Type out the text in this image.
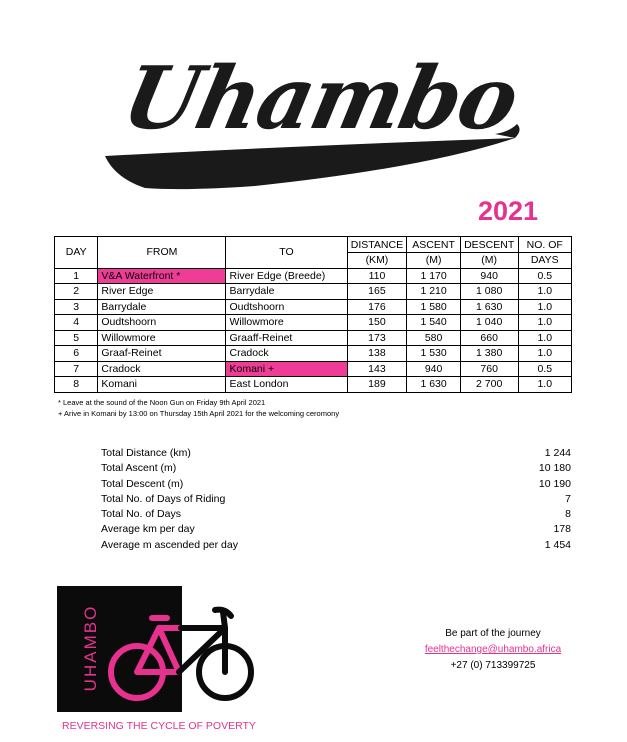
Uhambo
2021
DAY	FROM	TO	DISTANCE	ASCENT	DESCENT	NO. OF
			(KM)	(M)	(M)	DAYS
1	V&A Waterfront *	River Edge (Breede)	110	1 170	940	0.5
2	River Edge	Barrydale	165	1 210	1 080	1.0
3	Barrydale	Oudtshoorn	176	1 580	1 630	1.0
4	Oudtshoorn	Willowmore	150	1 540	1 040	1.0
5	Willowmore	Graaff-Reinet	173	580	660	1.0
6	Graaf-Reinet	Cradock	138	1 530	1 380	1.0
7	Cradock	Komani +	143	940	760	0.5
8	Komani	East London	189	1 630	2 700	1.0
* Leave at the sound of the Noon Gun on Friday 9th April 2021
+ Arive in Komani by 13:00 on Thursday 15th April 2021 for the welcoming ceromony
Total Distance (km)	1 244
Total Ascent (m)	10 180
Total Descent (m)	10 190
Total No. of Days of Riding	7
Total No. of Days	8
Average km per day	178
Average m ascended per day	1 454
UHAMBO
REVERSING THE CYCLE OF POVERTY
Be part of the journey
feelthechange@uhambo.africa
+27 (0) 713399725
